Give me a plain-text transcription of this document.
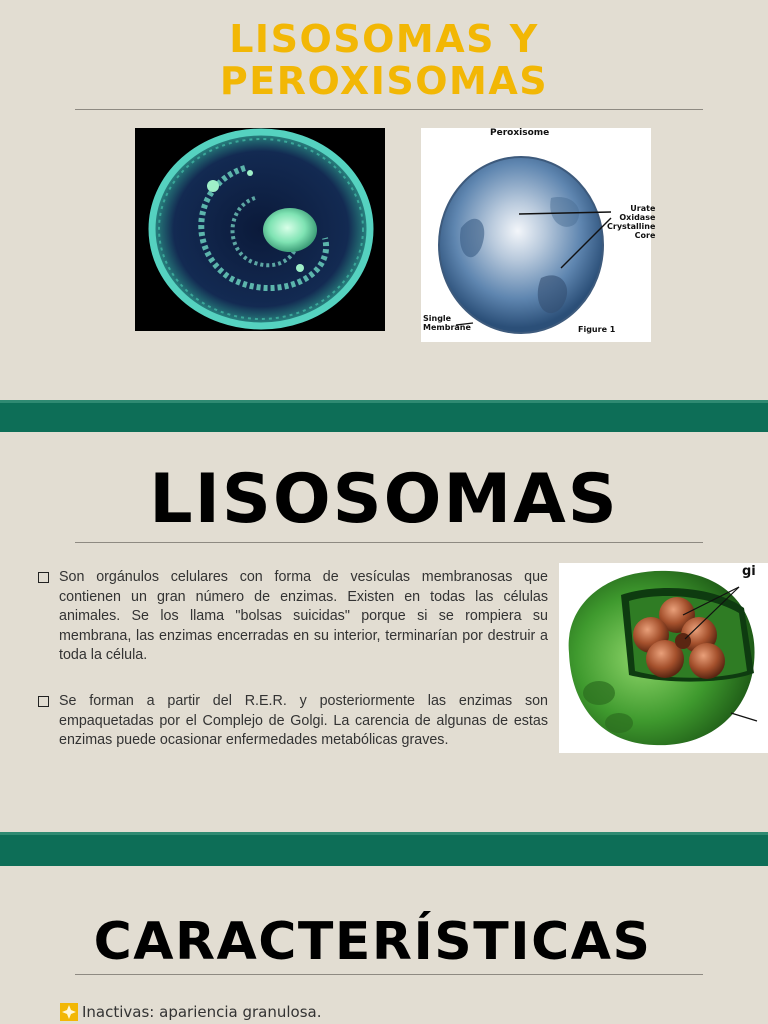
LISOSOMAS Y
PEROXISOMAS
Peroxisome
Urate
Oxidase
Crystalline
Core
Single
Membrane	Figure 1
LISOSOMAS
Son orgánulos celulares con forma de vesículas membranosas que contienen un gran número de enzimas. Existen en todas las células animales. Se los llama "bolsas suicidas" porque si se rompiera su membrana, las enzimas encerradas en su interior, terminarían por destruir a toda la célula.
Se forman a partir del R.E.R. y posteriormente las enzimas son empaquetadas por el Complejo de Golgi. La carencia de algunas de estas enzimas puede ocasionar enfermedades metabólicas graves.
gi
CARACTERÍSTICAS
Inactivas: apariencia granulosa.
